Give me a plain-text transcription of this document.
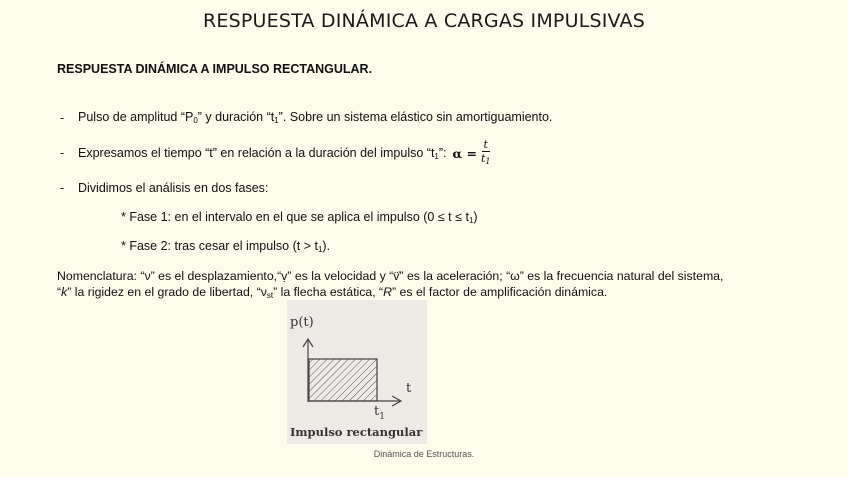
RESPUESTA DINÁMICA A CARGAS IMPULSIVAS
RESPUESTA DINÁMICA A IMPULSO RECTANGULAR.
-	Pulso de amplitud “$P_0$” y duración “$t_1$”. Sobre un sistema elástico sin amortiguamiento.
-	Expresamos el tiempo “t” en relación a la duración del impulso “$t_1$”: $\alpha = \frac{t}{t_1}$
-	Dividimos el análisis en dos fases:
* Fase 1: en el intervalo en el que se aplica el impulso $(0 \le t \le t_1)$
* Fase 2: tras cesar el impulso $(t > t_1)$.
Nomenclatura: “ν” es el desplazamiento,“ṿ” es la velocidad y “v̈̇” es la aceleración; “ω” es la frecuencia natural del sistema,
“k” la rigidez en el grado de libertad, “$\nu_{st}$” la flecha estática, “R” es el factor de amplificación dinámica.
p(t)
t
$t_1$
Impulso rectangular
Dinámica de Estructuras.
